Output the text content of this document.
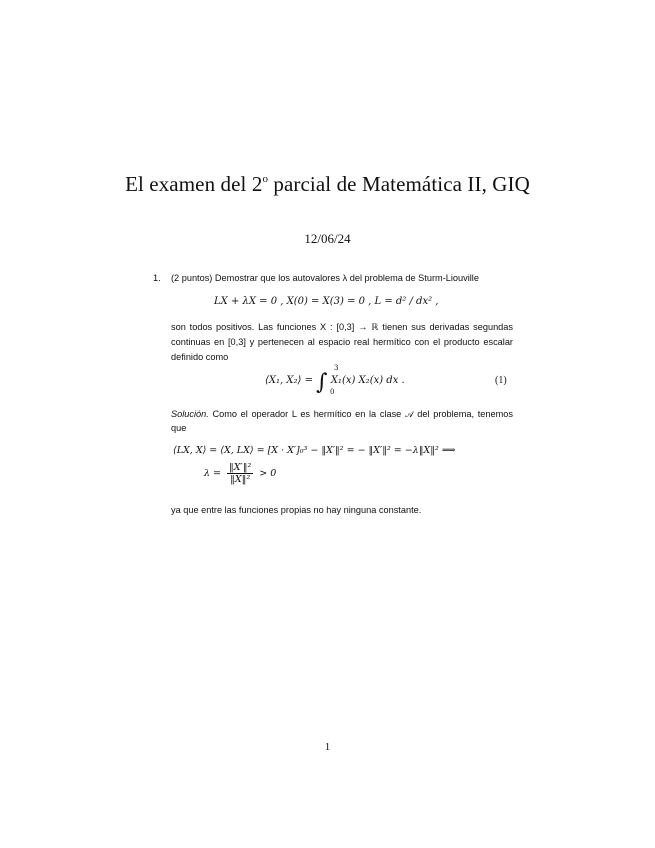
El examen del 2$^o$ parcial de Matemática II, GIQ
12/06/24
1. (2 puntos) Demostrar que los autovalores λ del problema de Sturm-Liouville
LX + λX = 0 , X(0) = X(3) = 0 , L = d² / dx² ,
son todos positivos. Las funciones X : [0,3] → ℝ tienen sus derivadas segundas continuas en [0,3] y pertenecen al espacio real hermítico con el producto escalar definido como
⟨X₁, X₂⟩ = ∫
3
0
X₁(x) X₂(x) dx .	(1)
Solución. Como el operador L es hermítico en la clase 𝒜 del problema, tenemos que
⟨LX, X⟩ = ⟨X, LX⟩ = [X · X′]₀³ − ‖X′‖² = − ‖X′‖² = −λ‖X‖² ⟹
$\lambda = \frac{\text{‖X′‖²}}{\text{‖X‖²}} > 0$
ya que entre las funciones propias no hay ninguna constante.
1
